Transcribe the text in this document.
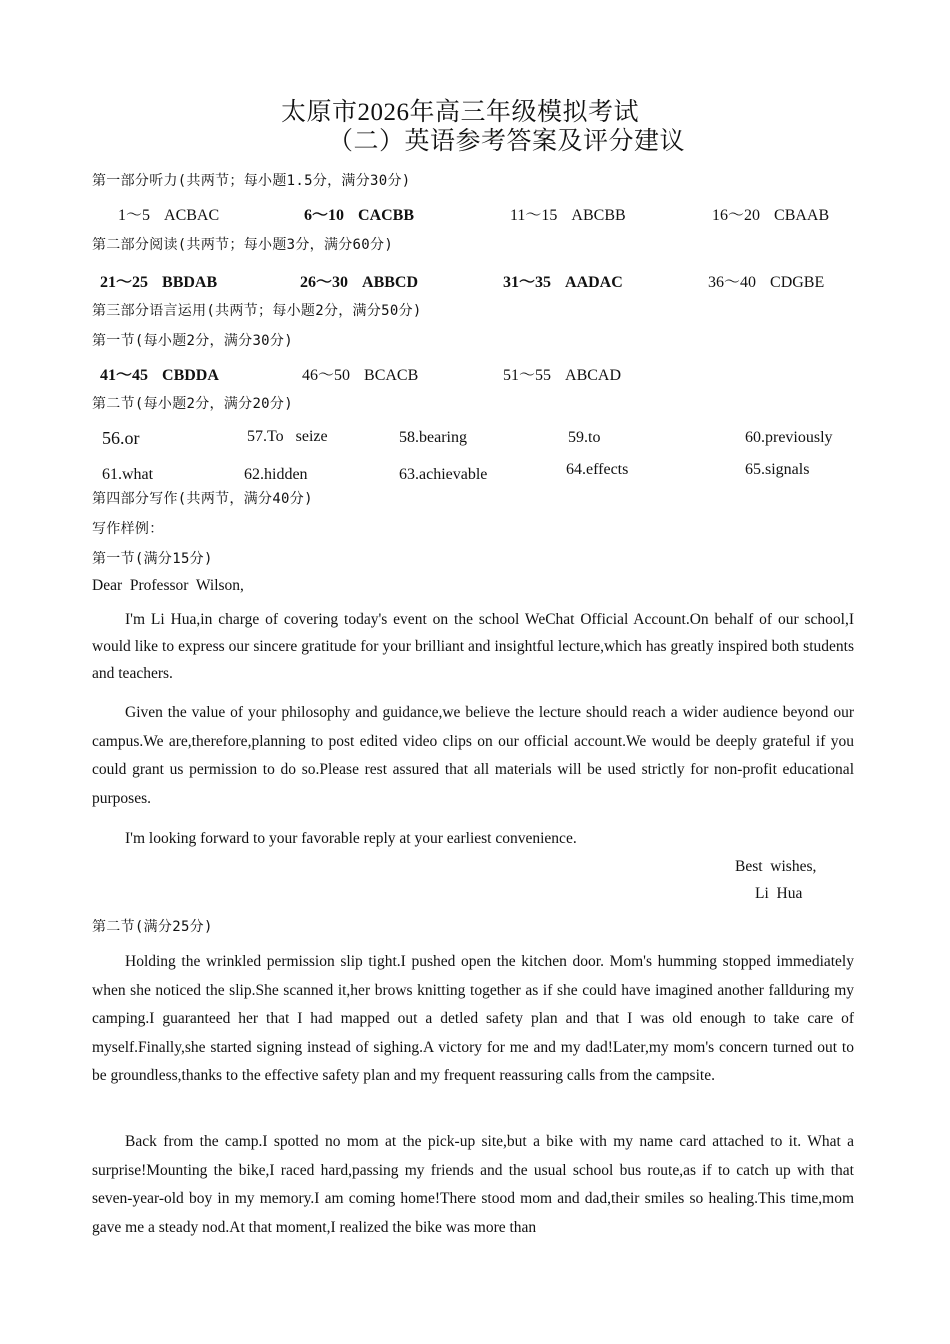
太原市2026年高三年级模拟考试
（二）英语参考答案及评分建议
第一部分听力(共两节；每小题1.5分，满分30分)
1～5 ACBAC	6～10 CACBB	11～15 ABCBB	16～20 CBAAB
第二部分阅读(共两节；每小题3分，满分60分)
21～25 BBDAB	26～30 ABBCD	31～35 AADAC	36～40 CDGBE
第三部分语言运用(共两节；每小题2分，满分50分)
第一节(每小题2分，满分30分)
41～45 CBDDA	46～50 BCACB	51～55 ABCAD
第二节(每小题2分，满分20分)
56.or	57.To   seize	58.bearing	59.to	60.previously
61.what	62.hidden	63.achievable	64.effects	65.signals
第四部分写作(共两节，满分40分)
写作样例：
第一节(满分15分)
Dear  Professor  Wilson,
I'm Li Hua,in charge of covering today's event on the school WeChat Official Account.On behalf of our school,I would like to express our sincere gratitude for your brilliant and insightful lecture,which has greatly inspired both students and teachers.
Given the value of your philosophy and guidance,we believe the lecture should reach a wider audience beyond our campus.We are,therefore,planning to post edited video clips on our official account.We would be deeply grateful if you could grant us permission to do so.Please rest assured that all materials will be used strictly for non-profit educational purposes.
I'm looking forward to your favorable reply at your earliest convenience.
Best  wishes,
Li  Hua
第二节(满分25分)
Holding the wrinkled permission slip tight.I pushed open the kitchen door. Mom's humming stopped immediately when she noticed the slip.She scanned it,her brows knitting together as if she could have imagined another fallduring my camping.I guaranteed her that I had mapped out a detled safety plan and that I was old enough to take care of myself.Finally,she started signing instead of sighing.A victory for me and my dad!Later,my mom's concern turned out to be groundless,thanks to the effective safety plan and my frequent reassuring calls from the campsite.
Back from the camp.I spotted no mom at the pick-up site,but a bike with my name card attached to it. What a surprise!Mounting the bike,I raced hard,passing my friends and the usual school bus route,as if to catch up with that seven-year-old boy in my memory.I am coming home!There stood mom and dad,their smiles so healing.This time,mom gave me a steady nod.At that moment,I realized the bike was more than
